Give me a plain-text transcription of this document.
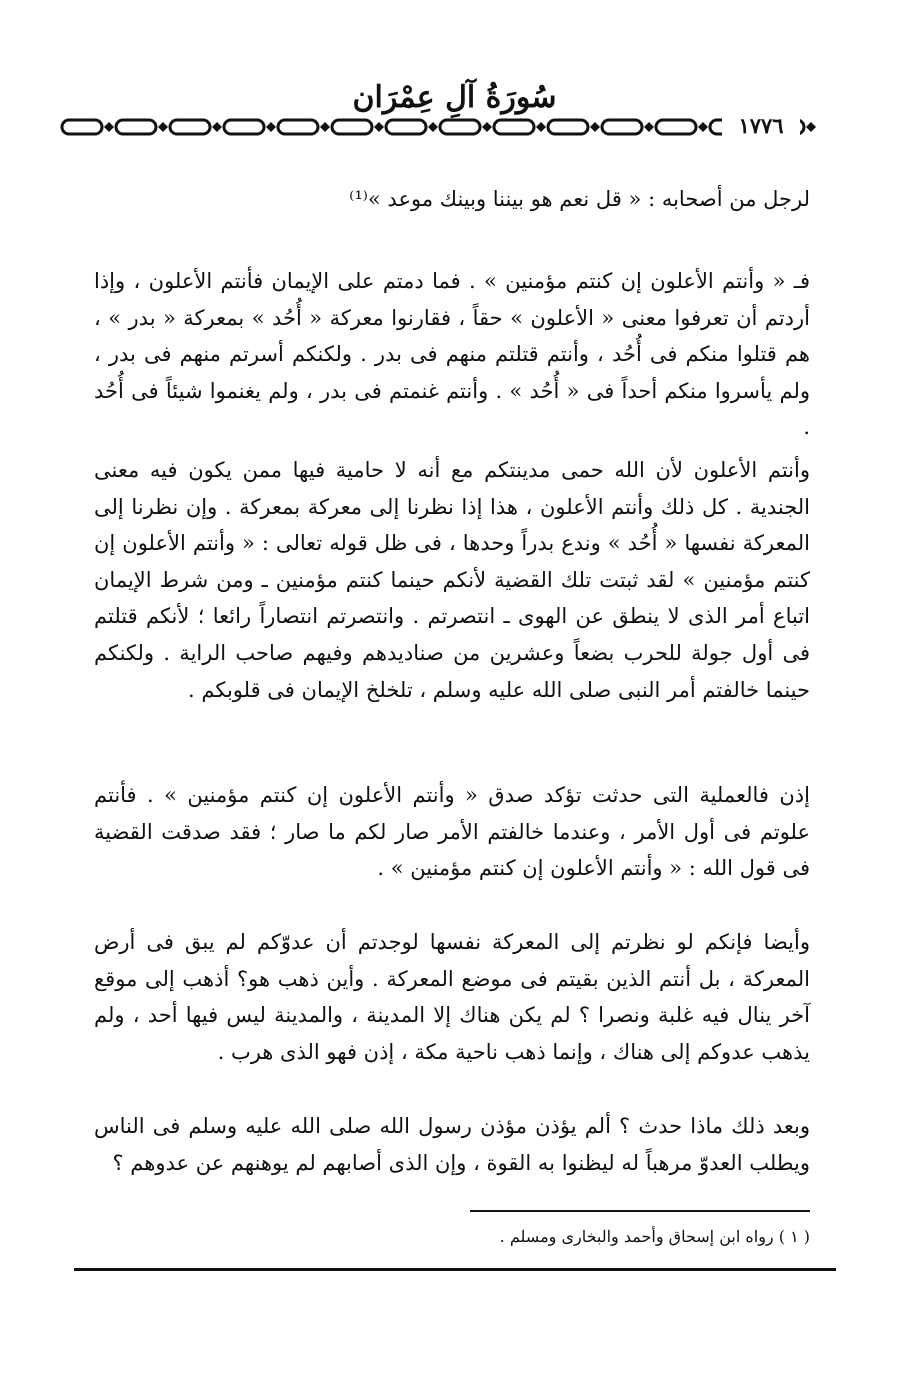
سُورَةُ آلِ عِمْرَان
١٧٧٦

لرجل من أصحابه : « قل نعم هو بيننا وبينك موعد »⁽¹⁾

فـ « وأنتم الأعلون إن كنتم مؤمنين » . فما دمتم على الإيمان فأنتم الأعلون ، وإذا أردتم أن تعرفوا معنى « الأعلون » حقاً ، فقارنوا معركة « أُحُد » بمعركة « بدر » ، هم قتلوا منكم فى أُحُد ، وأنتم قتلتم منهم فى بدر . ولكنكم أسرتم منهم فى بدر ، ولم يأسروا منكم أحداً فى « أُحُد » . وأنتم غنمتم فى بدر ، ولم يغنموا شيئاً فى أُحُد .

وأنتم الأعلون لأن الله حمى مدينتكم مع أنه لا حامية فيها ممن يكون فيه معنى الجندية . كل ذلك وأنتم الأعلون ، هذا إذا نظرنا إلى معركة بمعركة . وإن نظرنا إلى المعركة نفسها « أُحُد » وندع بدراً وحدها ، فى ظل قوله تعالى : « وأنتم الأعلون إن كنتم مؤمنين » لقد ثبتت تلك القضية لأنكم حينما كنتم مؤمنين ـ ومن شرط الإيمان اتباع أمر الذى لا ينطق عن الهوى ـ انتصرتم . وانتصرتم انتصاراً رائعا ؛ لأنكم قتلتم فى أول جولة للحرب بضعاً وعشرين من صناديدهم وفيهم صاحب الراية . ولكنكم حينما خالفتم أمر النبى صلى الله عليه وسلم ، تلخلخ الإيمان فى قلوبكم .

إذن فالعملية التى حدثت تؤكد صدق « وأنتم الأعلون إن كنتم مؤمنين » . فأنتم علوتم فى أول الأمر ، وعندما خالفتم الأمر صار لكم ما صار ؛ فقد صدقت القضية فى قول الله : « وأنتم الأعلون إن كنتم مؤمنين » .

وأيضا فإنكم لو نظرتم إلى المعركة نفسها لوجدتم أن عدوّكم لم يبق فى أرض المعركة ، بل أنتم الذين بقيتم فى موضع المعركة . وأين ذهب هو؟ أذهب إلى موقع آخر ينال فيه غلبة ونصرا ؟ لم يكن هناك إلا المدينة ، والمدينة ليس فيها أحد ، ولم يذهب عدوكم إلى هناك ، وإنما ذهب ناحية مكة ، إذن فهو الذى هرب .

وبعد ذلك ماذا حدث ؟ ألم يؤذن مؤذن رسول الله صلى الله عليه وسلم فى الناس ويطلب العدوّ مرهباً له ليظنوا به القوة ، وإن الذى أصابهم لم يوهنهم عن عدوهم ؟

( ١ ) رواه ابن إسحاق وأحمد والبخارى ومسلم .
